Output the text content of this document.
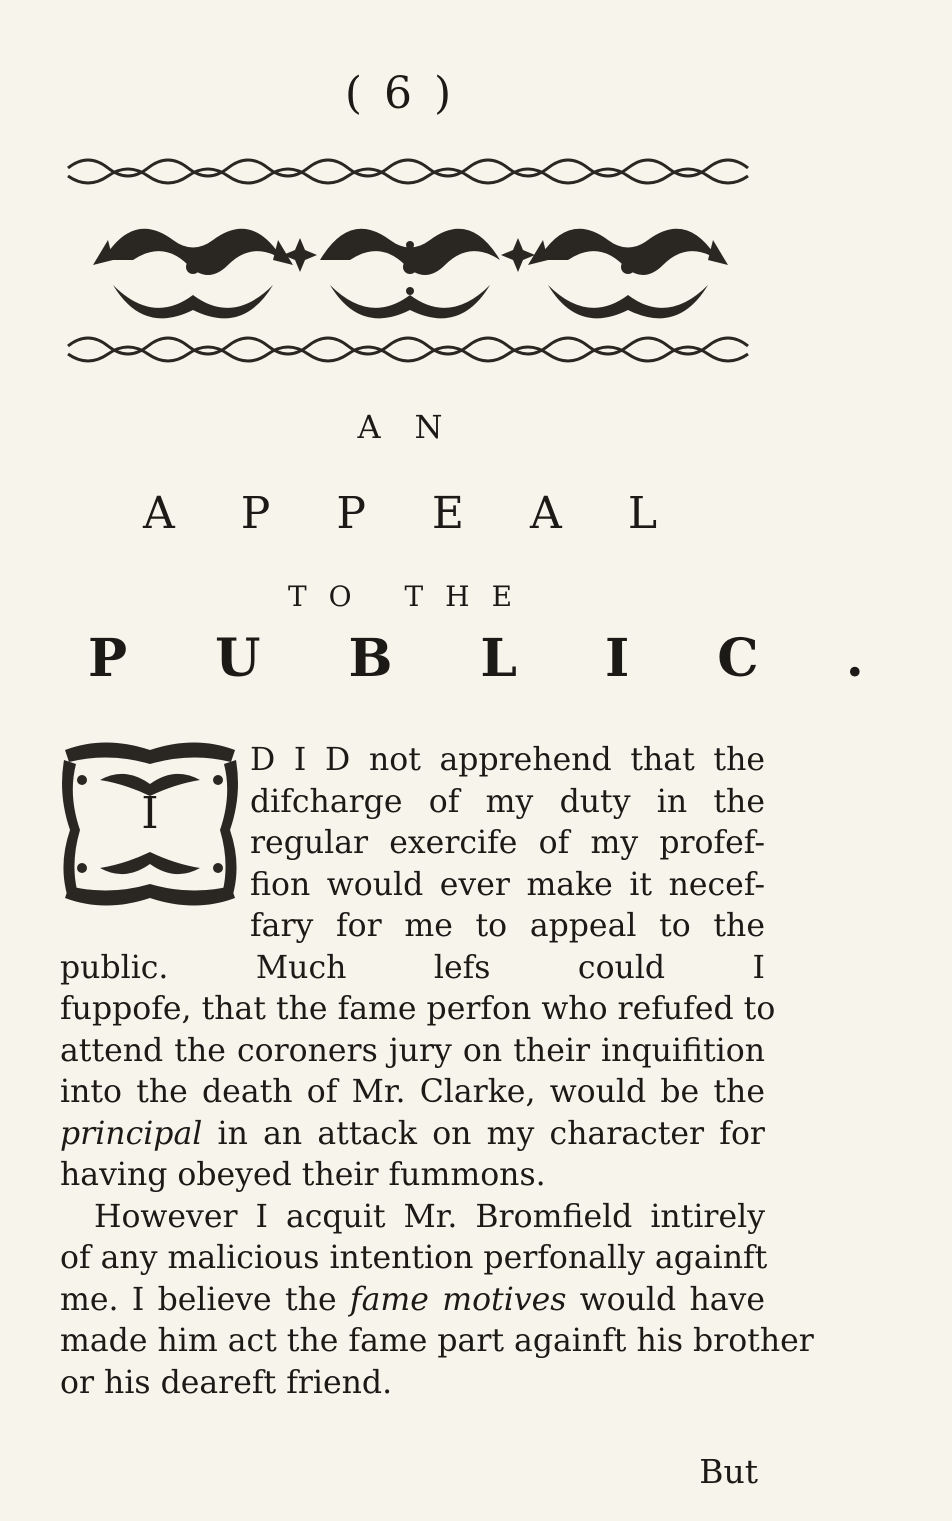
( 6 )
AN
APPEAL
TO THE
PUBLIC.
I

D I D not apprehend that the
difcharge of my duty in the
regular exercife of my profef-
fion would ever make it necef-
fary for me to appeal to the
public. Much lefs could I
fuppofe, that the fame perfon who refufed to
attend the coroners jury on their inquifition
into the death of Mr. Clarke, would be the
principal in an attack on my character for
having obeyed their fummons.

However I acquit Mr. Bromfield intirely
of any malicious intention perfonally againft
me. I believe the fame motives would have
made him act the fame part againft his brother
or his deareft friend.

But
